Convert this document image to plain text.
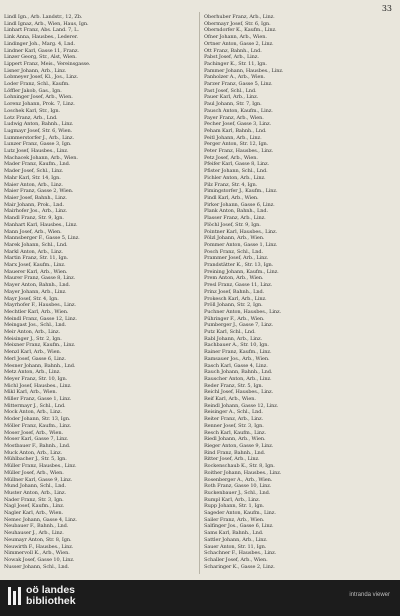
33
Lindl Ign., Arb. Landstr., 12, Zb.
Lindl Ignaz, Arb., Wien, Haus, Ign.
Linhart Franz, Abs. Land. 7, L.
Link Anna, Hausbes., Lederer.
Lindinger Joh., Marg. 4, Lnd.
Lindner Karl, Gasse 11, Franz.
Linzer Georg, Str., Alst, Wien.
Lippert Franz, Meis., Vereinsgasse.
Lisner Johann, Arb., Linz.
Lobmeyer Josef, Kl., Jos., Linz.
Loder Franz, Schl., Kaufm.
Löffler Jakob, Gas., Ign.
Lohninger Josef, Arb., Wien.
Lorenz Johann, Prok. 7, Linz.
Loschek Karl, Str., Ign.
Lotz Franz, Arb., Lnd.
Ludwig Anton, Bahnh., Linz.
Lugmayr Josef, Str. 6, Wien.
Lummerstorfer J., Arb., Linz.
Lunzer Franz, Gasse 3, Ign.
Lutz Josef, Hausbes., Linz.
Machacek Johann, Arb., Wien.
Mader Franz, Kaufm., Lnd.
Mader Josef, Schl., Linz.
Mahr Karl, Str. 14, Ign.
Maier Anton, Arb., Linz.
Maier Franz, Gasse 2, Wien.
Maier Josef, Bahnh., Linz.
Mair Johann, Prok., Lnd.
Mairhofer Jos., Arb., Linz.
Mandl Franz, Str. 9, Ign.
Manhart Karl, Hausbes., Linz.
Mann Josef, Arb., Wien.
Mannsberger F., Gasse 5, Linz.
Marek Johann, Schl., Lnd.
Markl Anton, Arb., Linz.
Martin Franz, Str. 11, Ign.
Marx Josef, Kaufm., Linz.
Mauerer Karl, Arb., Wien.
Maurer Franz, Gasse 8, Linz.
Mayer Anton, Bahnh., Lnd.
Mayer Johann, Arb., Linz.
Mayr Josef, Str. 4, Ign.
Mayrhofer F., Hausbes., Linz.
Mechtler Karl, Arb., Wien.
Meindl Franz, Gasse 12, Linz.
Meingast Jos., Schl., Lnd.
Meir Anton, Arb., Linz.
Meisinger J., Str. 2, Ign.
Meixner Franz, Kaufm., Linz.
Menzl Karl, Arb., Wien.
Merl Josef, Gasse 6, Linz.
Mesner Johann, Bahnh., Lnd.
Metz Anton, Arb., Linz.
Meyer Franz, Str. 10, Ign.
Michl Josef, Hausbes., Linz.
Mikl Karl, Arb., Wien.
Miller Franz, Gasse 1, Linz.
Mittermayr J., Schl., Lnd.
Mock Anton, Arb., Linz.
Moder Johann, Str. 13, Ign.
Möller Franz, Kaufm., Linz.
Moser Josef, Arb., Wien.
Moser Karl, Gasse 7, Linz.
Mostbauer F., Bahnh., Lnd.
Muck Anton, Arb., Linz.
Mühlbacher J., Str. 5, Ign.
Müller Franz, Hausbes., Linz.
Müller Josef, Arb., Wien.
Müllner Karl, Gasse 9, Linz.
Mund Johann, Schl., Lnd.
Muster Anton, Arb., Linz.
Nader Franz, Str. 3, Ign.
Nagl Josef, Kaufm., Linz.
Nagler Karl, Arb., Wien.
Nemec Johann, Gasse 4, Linz.
Neubauer F., Bahnh., Lnd.
Neuhauser J., Arb., Linz.
Neumayr Anton, Str. 8, Ign.
Neuwirth F., Hausbes., Linz.
Nimmervoll K., Arb., Wien.
Nowak Josef, Gasse 10, Linz.
Nusser Johann, Schl., Lnd.
Oberhuber Franz, Arb., Linz.
Obermayr Josef, Str. 6, Ign.
Oberndorfer K., Kaufm., Linz.
Ofner Johann, Arb., Wien.
Ortner Anton, Gasse 2, Linz.
Ott Franz, Bahnh., Lnd.
Pabst Josef, Arb., Linz.
Pachinger K., Str. 11, Ign.
Pammer Johann, Hausbes., Linz.
Panholzer A., Arb., Wien.
Parzer Franz, Gasse 5, Linz.
Past Josef, Schl., Lnd.
Pauer Karl, Arb., Linz.
Paul Johann, Str. 7, Ign.
Pausch Anton, Kaufm., Linz.
Payer Franz, Arb., Wien.
Pecher Josef, Gasse 3, Linz.
Peham Karl, Bahnh., Lnd.
Peitl Johann, Arb., Linz.
Perger Anton, Str. 12, Ign.
Peter Franz, Hausbes., Linz.
Petz Josef, Arb., Wien.
Pfeifer Karl, Gasse 8, Linz.
Pfister Johann, Schl., Lnd.
Pichler Anton, Arb., Linz.
Pilz Franz, Str. 4, Ign.
Pimingstorfer J., Kaufm., Linz.
Pindl Karl, Arb., Wien.
Pirker Johann, Gasse 6, Linz.
Plank Anton, Bahnh., Lnd.
Plasser Franz, Arb., Linz.
Plöchl Josef, Str. 9, Ign.
Pointner Karl, Hausbes., Linz.
Pölzl Johann, Arb., Wien.
Pommer Anton, Gasse 1, Linz.
Posch Franz, Schl., Lnd.
Prammer Josef, Arb., Linz.
Prandstätter K., Str. 13, Ign.
Preining Johann, Kaufm., Linz.
Prem Anton, Arb., Wien.
Presl Franz, Gasse 11, Linz.
Prinz Josef, Bahnh., Lnd.
Prokesch Karl, Arb., Linz.
Pröll Johann, Str. 2, Ign.
Puchner Anton, Hausbes., Linz.
Pühringer F., Arb., Wien.
Pumberger J., Gasse 7, Linz.
Putz Karl, Schl., Lnd.
Rabl Johann, Arb., Linz.
Rachbauer A., Str. 10, Ign.
Rainer Franz, Kaufm., Linz.
Ramsauer Jos., Arb., Wien.
Rasch Karl, Gasse 4, Linz.
Rauch Johann, Bahnh., Lnd.
Rauscher Anton, Arb., Linz.
Reder Franz, Str. 5, Ign.
Reichl Josef, Hausbes., Linz.
Reif Karl, Arb., Wien.
Reindl Johann, Gasse 12, Linz.
Reisinger A., Schl., Lnd.
Reiter Franz, Arb., Linz.
Renner Josef, Str. 3, Ign.
Resch Karl, Kaufm., Linz.
Riedl Johann, Arb., Wien.
Rieger Anton, Gasse 9, Linz.
Rind Franz, Bahnh., Lnd.
Ritter Josef, Arb., Linz.
Rockenschaub K., Str. 8, Ign.
Roither Johann, Hausbes., Linz.
Rosenberger A., Arb., Wien.
Roth Franz, Gasse 10, Linz.
Ruckenbauer J., Schl., Lnd.
Rumpl Karl, Arb., Linz.
Rupp Johann, Str. 1, Ign.
Sageder Anton, Kaufm., Linz.
Sailer Franz, Arb., Wien.
Salfinger Jos., Gasse 6, Linz.
Sams Karl, Bahnh., Lnd.
Sattler Johann, Arb., Linz.
Sauer Anton, Str. 11, Ign.
Schachner F., Hausbes., Linz.
Schaller Josef, Arb., Wien.
Scharinger K., Gasse 2, Linz.
oö landes
bibliothek	intranda viewer
